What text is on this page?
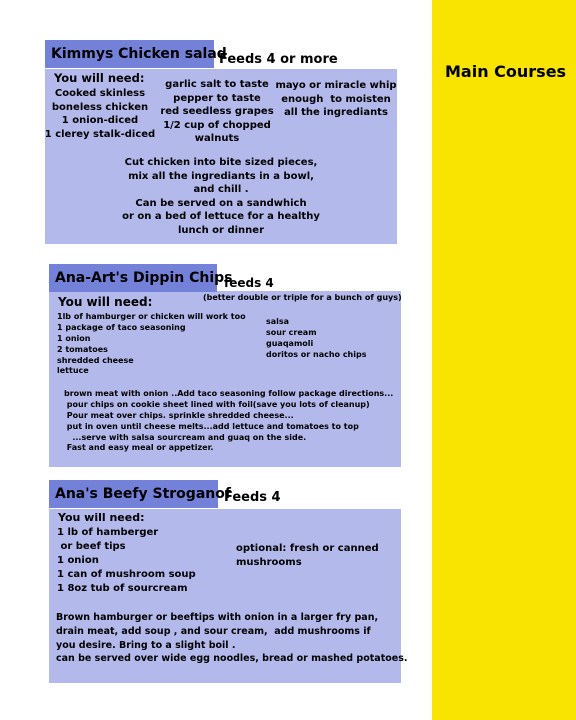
Main Courses
Kimmys Chicken salad
Feeds 4 or more
You will need:
Cooked skinless
boneless chicken
1 onion-diced
1 clerey stalk-diced
garlic salt to taste
pepper to taste
red seedless grapes
1/2 cup of chopped
walnuts
mayo or miracle whip
enough  to moisten
all the ingrediants
Cut chicken into bite sized pieces,
mix all the ingrediants in a bowl,
and chill .
Can be served on a sandwhich
or on a bed of lettuce for a healthy
lunch or dinner
Ana-Art's Dippin Chips
feeds 4
(better double or triple for a bunch of guys)
You will need:
1lb of hamburger or chicken will work too
1 package of taco seasoning
1 onion
2 tomatoes
shredded cheese
lettuce
salsa
sour cream
guaqamoli
doritos or nacho chips
brown meat with onion ..Add taco seasoning follow package directions...
pour chips on cookie sheet lined with foil(save you lots of cleanup)
Pour meat over chips. sprinkle shredded cheese...
put in oven until cheese melts...add lettuce and tomatoes to top
...serve with salsa sourcream and guaq on the side.
Fast and easy meal or appetizer.
Ana's Beefy Stroganof
Feeds 4
You will need:
1 lb of hamberger
or beef tips
1 onion
1 can of mushroom soup
1 8oz tub of sourcream
optional: fresh or canned
mushrooms
Brown hamburger or beeftips with onion in a larger fry pan,
drain meat, add soup , and sour cream,  add mushrooms if
you desire. Bring to a slight boil .
can be served over wide egg noodles, bread or mashed potatoes.
